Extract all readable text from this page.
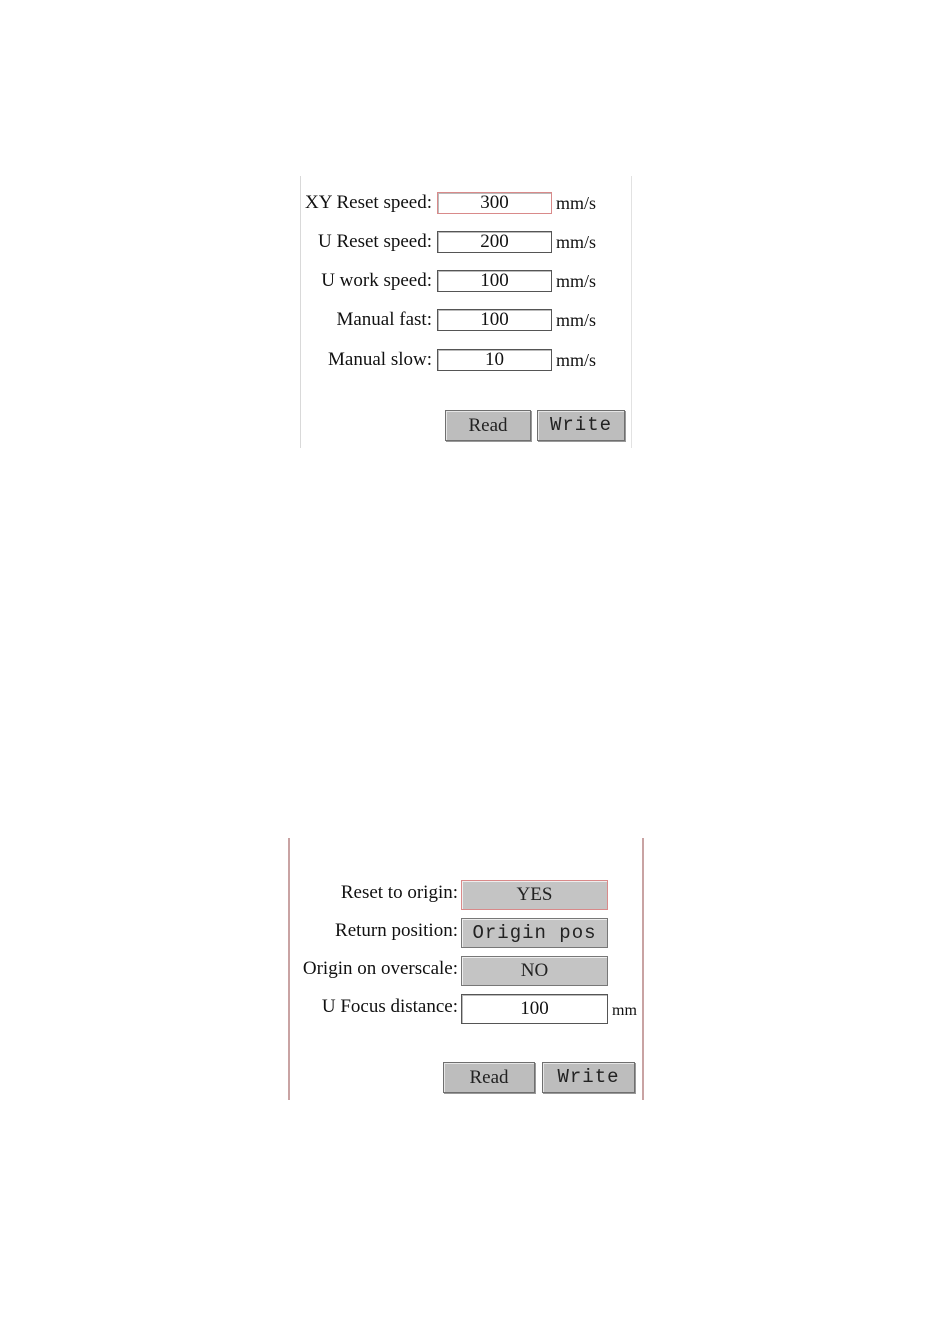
XY Reset speed:	300	mm/s
U Reset speed:	200	mm/s
U work speed:	100	mm/s
Manual fast:	100	mm/s
Manual slow:	10	mm/s
Read	Write
Reset to origin:	YES
Return position: Origin pos
Origin on overscale:	NO
U Focus distance:	100	mm
Read	Write
